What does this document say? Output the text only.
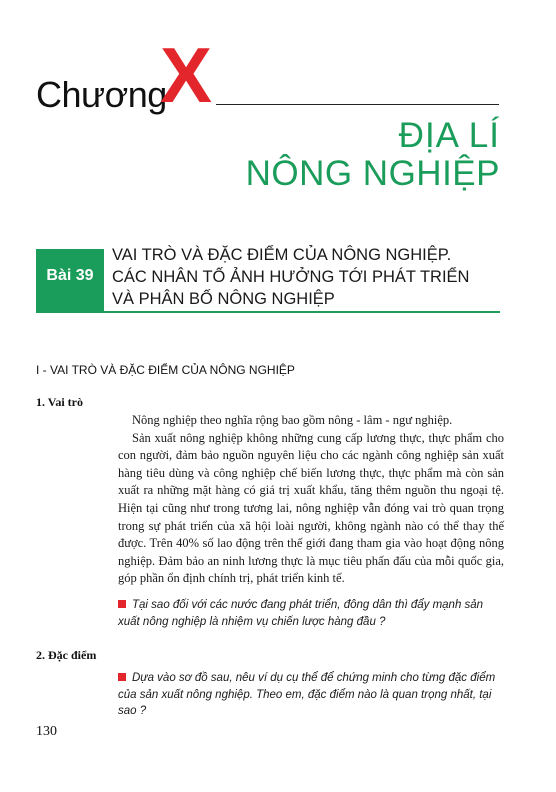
Chương
X
ĐỊA LÍ
NÔNG NGHIỆP
Bài 39
VAI TRÒ VÀ ĐẶC ĐIỂM CỦA NÔNG NGHIỆP.
CÁC NHÂN TỐ ẢNH HƯỞNG TỚI PHÁT TRIỂN
VÀ PHÂN BỐ NÔNG NGHIỆP
I - VAI TRÒ VÀ ĐẶC ĐIỂM CỦA NÔNG NGHIỆP
1. Vai trò

Nông nghiệp theo nghĩa rộng bao gồm nông - lâm - ngư nghiệp.

Sản xuất nông nghiệp không những cung cấp lương thực, thực phẩm cho con người, đảm bảo nguồn nguyên liệu cho các ngành công nghiệp sản xuất hàng tiêu dùng và công nghiệp chế biến lương thực, thực phẩm mà còn sản xuất ra những mặt hàng có giá trị xuất khẩu, tăng thêm nguồn thu ngoại tệ. Hiện tại cũng như trong tương lai, nông nghiệp vẫn đóng vai trò quan trọng trong sự phát triển của xã hội loài người, không ngành nào có thể thay thế được. Trên 40% số lao động trên thế giới đang tham gia vào hoạt động nông nghiệp. Đảm bảo an ninh lương thực là mục tiêu phấn đấu của mỗi quốc gia, góp phần ổn định chính trị, phát triển kinh tế.

Tại sao đối với các nước đang phát triển, đông dân thì đẩy mạnh sản xuất nông nghiệp là nhiệm vụ chiến lược hàng đầu ?
2. Đặc điểm
Dựa vào sơ đồ sau, nêu ví dụ cụ thể để chứng minh cho từng đặc điểm của sản xuất nông nghiệp. Theo em, đặc điểm nào là quan trọng nhất, tại sao ?
130
